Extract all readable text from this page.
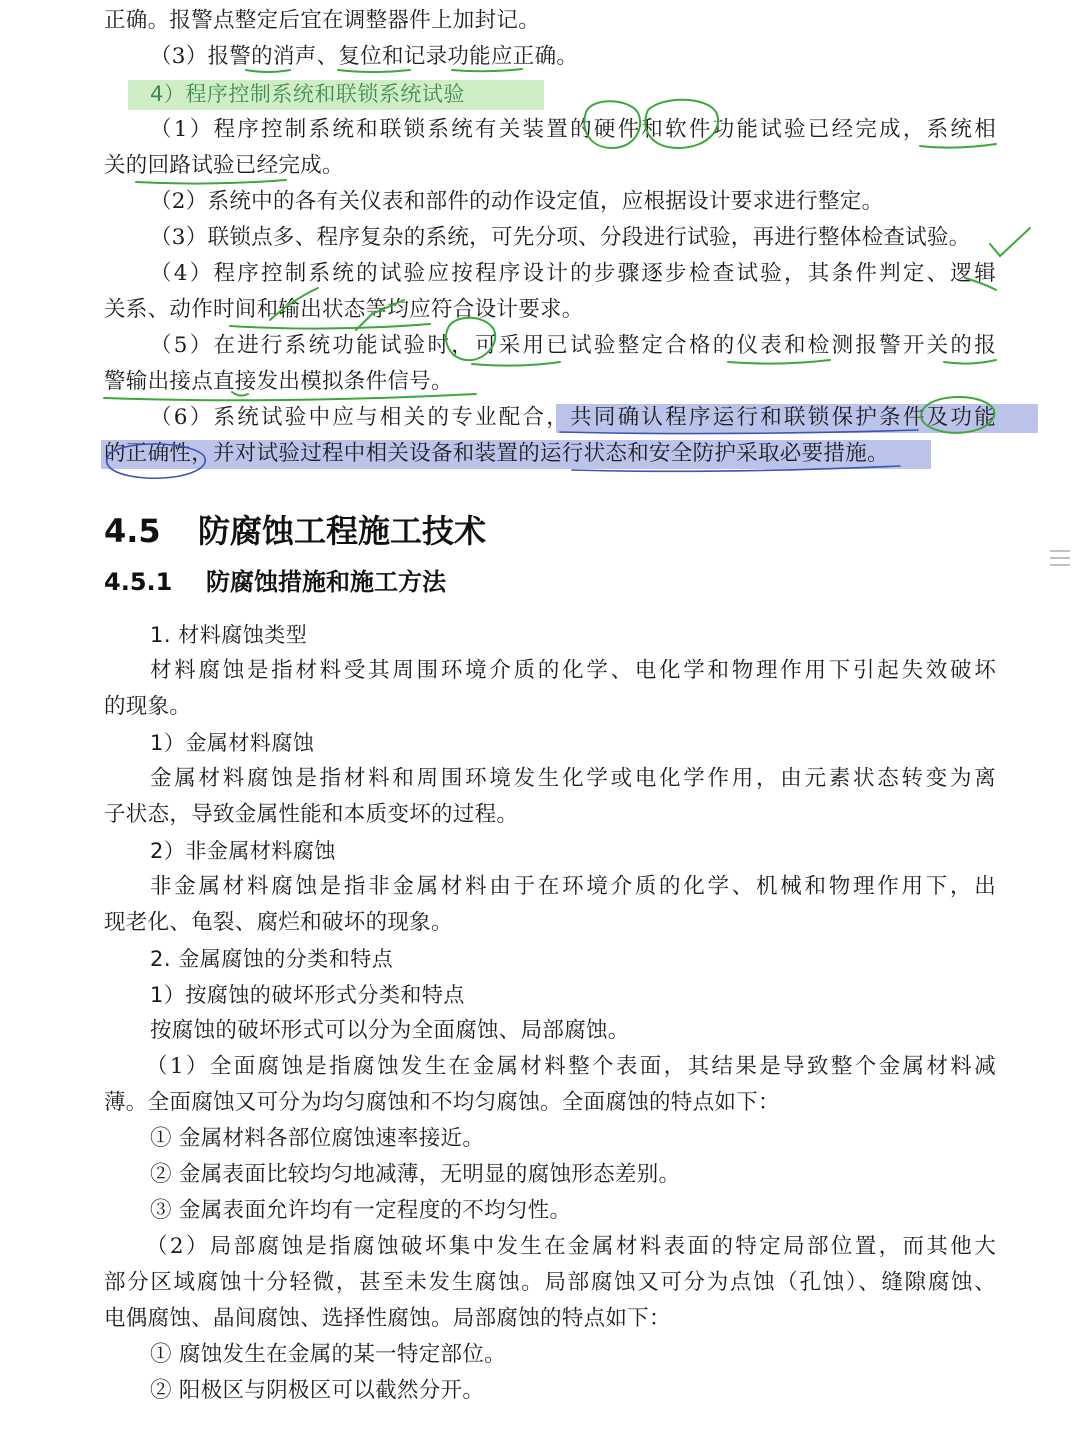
正确。报警点整定后宜在调整器件上加封记。

（3）报警的消声、复位和记录功能应正确。

4）程序控制系统和联锁系统试验

（1）程序控制系统和联锁系统有关装置的硬件和软件功能试验已经完成，系统相

关的回路试验已经完成。

（2）系统中的各有关仪表和部件的动作设定值，应根据设计要求进行整定。

（3）联锁点多、程序复杂的系统，可先分项、分段进行试验，再进行整体检查试验。

（4）程序控制系统的试验应按程序设计的步骤逐步检查试验，其条件判定、逻辑

关系、动作时间和输出状态等均应符合设计要求。

（5）在进行系统功能试验时，可采用已试验整定合格的仪表和检测报警开关的报

警输出接点直接发出模拟条件信号。

（6）系统试验中应与相关的专业配合，共同确认程序运行和联锁保护条件及功能

的正确性，并对试验过程中相关设备和装置的运行状态和安全防护采取必要措施。

4.5 防腐蚀工程施工技术
4.5.1 防腐蚀措施和施工方法

1. 材料腐蚀类型

材料腐蚀是指材料受其周围环境介质的化学、电化学和物理作用下引起失效破坏

的现象。

1）金属材料腐蚀

金属材料腐蚀是指材料和周围环境发生化学或电化学作用，由元素状态转变为离

子状态，导致金属性能和本质变坏的过程。

2）非金属材料腐蚀

非金属材料腐蚀是指非金属材料由于在环境介质的化学、机械和物理作用下，出

现老化、龟裂、腐烂和破坏的现象。

2. 金属腐蚀的分类和特点

1）按腐蚀的破坏形式分类和特点

按腐蚀的破坏形式可以分为全面腐蚀、局部腐蚀。

（1）全面腐蚀是指腐蚀发生在金属材料整个表面，其结果是导致整个金属材料减

薄。全面腐蚀又可分为均匀腐蚀和不均匀腐蚀。全面腐蚀的特点如下：

① 金属材料各部位腐蚀速率接近。

② 金属表面比较均匀地减薄，无明显的腐蚀形态差别。

③ 金属表面允许均有一定程度的不均匀性。

（2）局部腐蚀是指腐蚀破坏集中发生在金属材料表面的特定局部位置，而其他大

部分区域腐蚀十分轻微，甚至未发生腐蚀。局部腐蚀又可分为点蚀（孔蚀）、缝隙腐蚀、

电偶腐蚀、晶间腐蚀、选择性腐蚀。局部腐蚀的特点如下：

① 腐蚀发生在金属的某一特定部位。

② 阳极区与阴极区可以截然分开。
